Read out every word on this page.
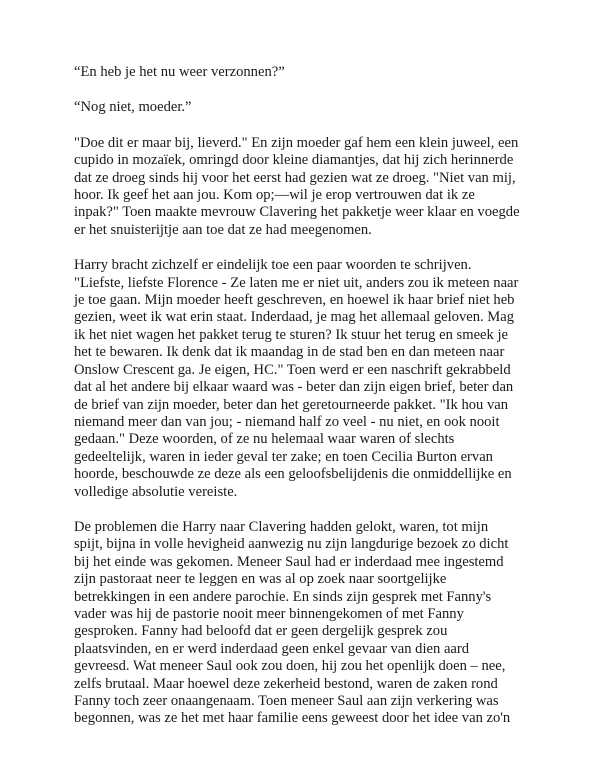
“En heb je het nu weer verzonnen?”

“Nog niet, moeder.”

"Doe dit er maar bij, lieverd." En zijn moeder gaf hem een klein juweel, een
cupido in mozaïek, omringd door kleine diamantjes, dat hij zich herinnerde
dat ze droeg sinds hij voor het eerst had gezien wat ze droeg. "Niet van mij,
hoor. Ik geef het aan jou. Kom op;—wil je erop vertrouwen dat ik ze
inpak?" Toen maakte mevrouw Clavering het pakketje weer klaar en voegde
er het snuisterijtje aan toe dat ze had meegenomen.

Harry bracht zichzelf er eindelijk toe een paar woorden te schrijven.
"Liefste, liefste Florence - Ze laten me er niet uit, anders zou ik meteen naar
je toe gaan. Mijn moeder heeft geschreven, en hoewel ik haar brief niet heb
gezien, weet ik wat erin staat. Inderdaad, je mag het allemaal geloven. Mag
ik het niet wagen het pakket terug te sturen? Ik stuur het terug en smeek je
het te bewaren. Ik denk dat ik maandag in de stad ben en dan meteen naar
Onslow Crescent ga. Je eigen, HC." Toen werd er een naschrift gekrabbeld
dat al het andere bij elkaar waard was - beter dan zijn eigen brief, beter dan
de brief van zijn moeder, beter dan het geretourneerde pakket. "Ik hou van
niemand meer dan van jou; - niemand half zo veel - nu niet, en ook nooit
gedaan." Deze woorden, of ze nu helemaal waar waren of slechts
gedeeltelijk, waren in ieder geval ter zake; en toen Cecilia Burton ervan
hoorde, beschouwde ze deze als een geloofsbelijdenis die onmiddellijke en
volledige absolutie vereiste.

De problemen die Harry naar Clavering hadden gelokt, waren, tot mijn
spijt, bijna in volle hevigheid aanwezig nu zijn langdurige bezoek zo dicht
bij het einde was gekomen. Meneer Saul had er inderdaad mee ingestemd
zijn pastoraat neer te leggen en was al op zoek naar soortgelijke
betrekkingen in een andere parochie. En sinds zijn gesprek met Fanny's
vader was hij de pastorie nooit meer binnengekomen of met Fanny
gesproken. Fanny had beloofd dat er geen dergelijk gesprek zou
plaatsvinden, en er werd inderdaad geen enkel gevaar van dien aard
gevreesd. Wat meneer Saul ook zou doen, hij zou het openlijk doen – nee,
zelfs brutaal. Maar hoewel deze zekerheid bestond, waren de zaken rond
Fanny toch zeer onaangenaam. Toen meneer Saul aan zijn verkering was
begonnen, was ze het met haar familie eens geweest door het idee van zo'n
